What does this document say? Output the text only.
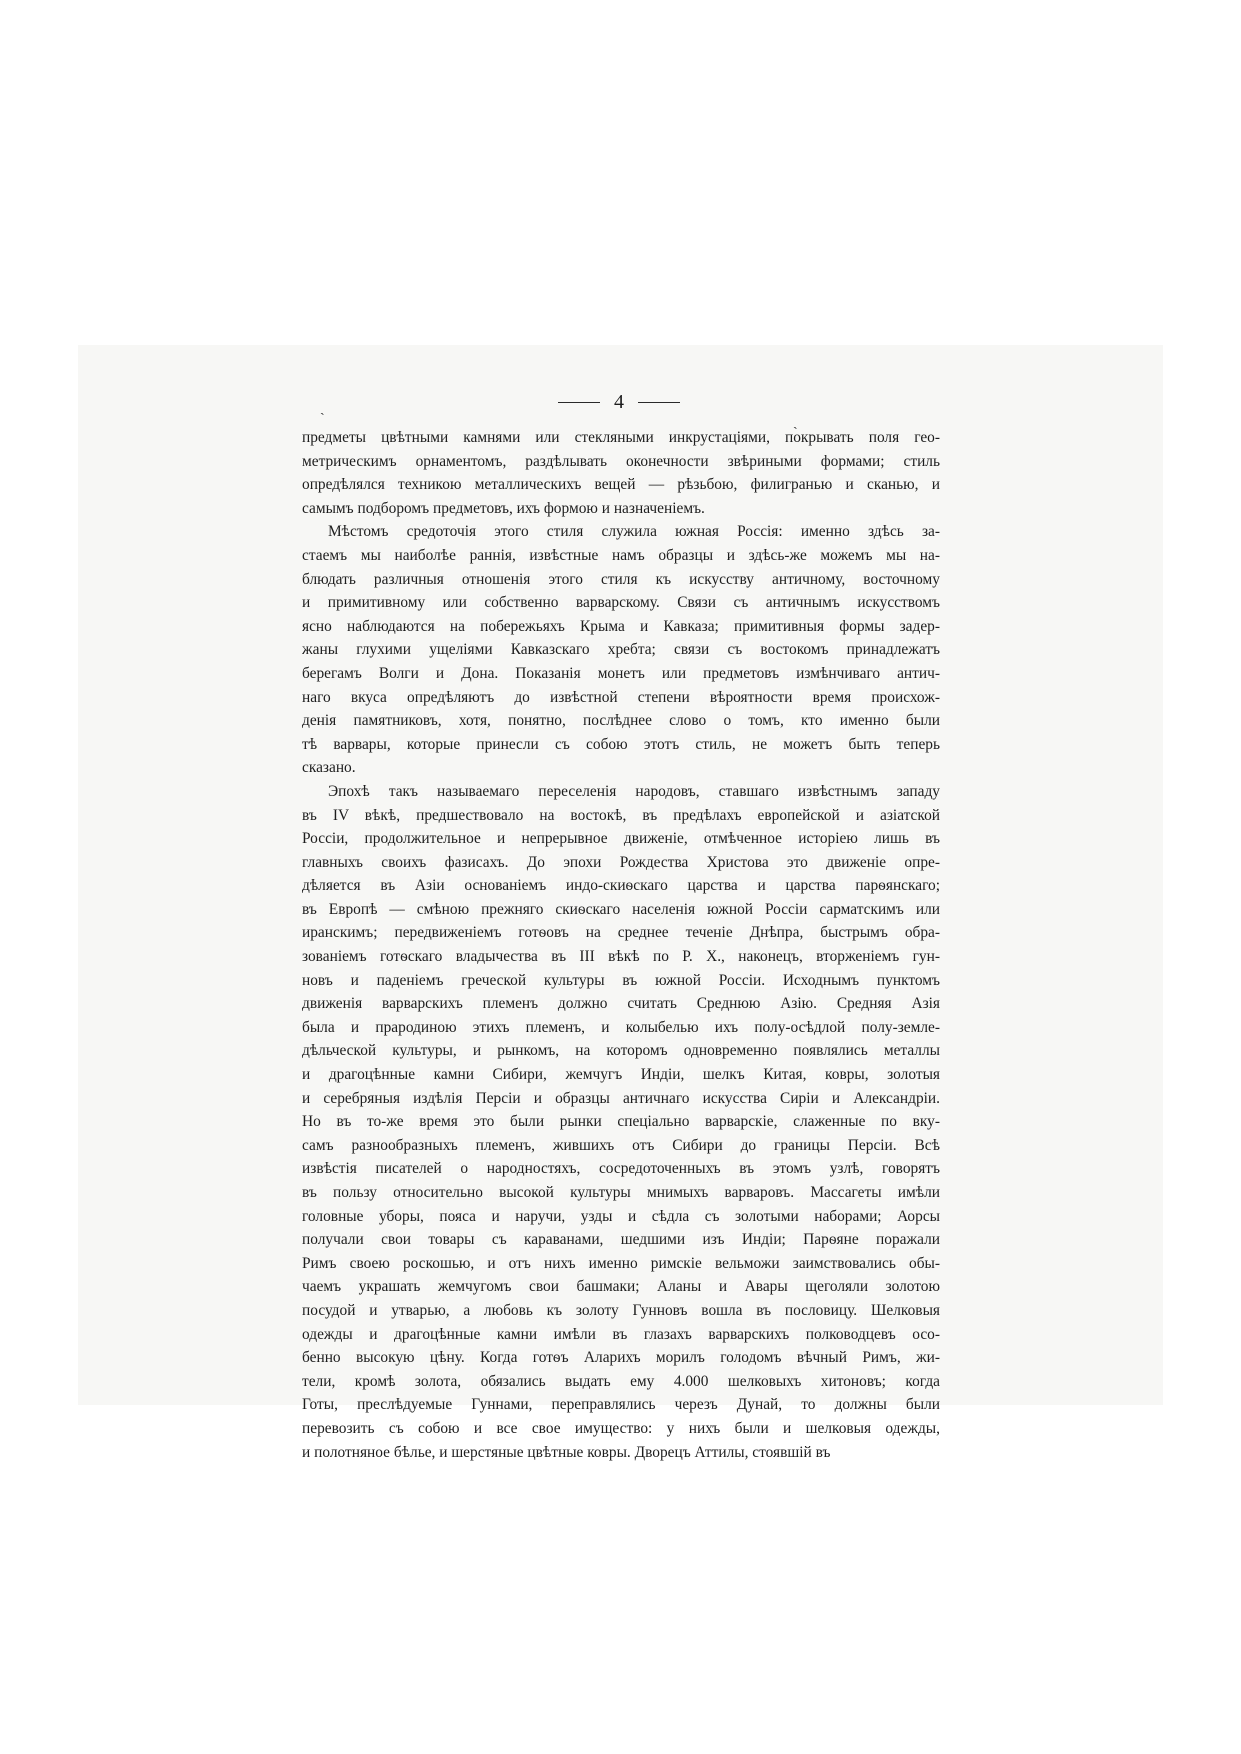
4
ˎ
ˏ
предметы цвѣтными камнями или стекляными инкрустаціями, покрывать поля гео-
метрическимъ орнаментомъ, раздѣлывать оконечности звѣриными формами; стиль
опредѣлялся техникою металлическихъ вещей — рѣзьбою, филигранью и сканью, и
самымъ подборомъ предметовъ, ихъ формою и назначеніемъ.
Мѣстомъ средоточія этого стиля служила южная Россія: именно здѣсь за-
стаемъ мы наиболѣе раннія, извѣстные намъ образцы и здѣсь-же можемъ мы на-
блюдать различныя отношенія этого стиля къ искусству античному, восточному
и примитивному или собственно варварскому. Связи съ античнымъ искусствомъ
ясно наблюдаются на побережьяхъ Крыма и Кавказа; примитивныя формы задер-
жаны глухими ущеліями Кавказскаго хребта; связи съ востокомъ принадлежатъ
берегамъ Волги и Дона. Показанія монетъ или предметовъ измѣнчиваго антич-
наго вкуса опредѣляютъ до извѣстной степени вѣроятности время происхож-
денія памятниковъ, хотя, понятно, послѣднее слово о томъ, кто именно были
тѣ варвары, которые принесли съ собою этотъ стиль, не можетъ быть теперь
сказано.
Эпохѣ такъ называемаго переселенія народовъ, ставшаго извѣстнымъ западу
въ IV вѣкѣ, предшествовало на востокѣ, въ предѣлахъ европейской и азіатской
Россіи, продолжительное и непрерывное движеніе, отмѣченное исторіею лишь въ
главныхъ своихъ фазисахъ. До эпохи Рождества Христова это движеніе опре-
дѣляется въ Азіи основаніемъ индо-скиѳскаго царства и царства парѳянскаго;
въ Европѣ — смѣною прежняго скиѳскаго населенія южной Россіи сарматскимъ или
иранскимъ; передвиженіемъ готѳовъ на среднее теченіе Днѣпра, быстрымъ обра-
зованіемъ готѳскаго владычества въ III вѣкѣ по Р. Х., наконецъ, вторженіемъ гун-
новъ и паденіемъ греческой культуры въ южной Россіи. Исходнымъ пунктомъ
движенія варварскихъ племенъ должно считать Среднюю Азію. Средняя Азія
была и прародиною этихъ племенъ, и колыбелью ихъ полу-осѣдлой полу-земле-
дѣльческой культуры, и рынкомъ, на которомъ одновременно появлялись металлы
и драгоцѣнные камни Сибири, жемчугъ Индіи, шелкъ Китая, ковры, золотыя
и серебряныя издѣлія Персіи и образцы античнаго искусства Сиріи и Александріи.
Но въ то-же время это были рынки спеціально варварскіе, слаженные по вку-
самъ разнообразныхъ племенъ, жившихъ отъ Сибири до границы Персіи. Всѣ
извѣстія писателей о народностяхъ, сосредоточенныхъ въ этомъ узлѣ, говорятъ
въ пользу относительно высокой культуры мнимыхъ варваровъ. Массагеты имѣли
головные уборы, пояса и наручи, узды и сѣдла съ золотыми наборами; Аорсы
получали свои товары съ караванами, шедшими изъ Индіи; Парѳяне поражали
Римъ своею роскошью, и отъ нихъ именно римскіе вельможи заимствовались обы-
чаемъ украшать жемчугомъ свои башмаки; Аланы и Авары щеголяли золотою
посудой и утварью, а любовь къ золоту Гунновъ вошла въ пословицу. Шелковыя
одежды и драгоцѣнные камни имѣли въ глазахъ варварскихъ полководцевъ осо-
бенно высокую цѣну. Когда готѳъ Аларихъ морилъ голодомъ вѣчный Римъ, жи-
тели, кромѣ золота, обязались выдать ему 4.000 шелковыхъ хитоновъ; когда
Готы, преслѣдуемые Гуннами, переправлялись черезъ Дунай, то должны были
перевозить съ собою и все свое имущество: у нихъ были и шелковыя одежды,
и полотняное бѣлье, и шерстяные цвѣтные ковры. Дворецъ Аттилы, стоявшій въ
